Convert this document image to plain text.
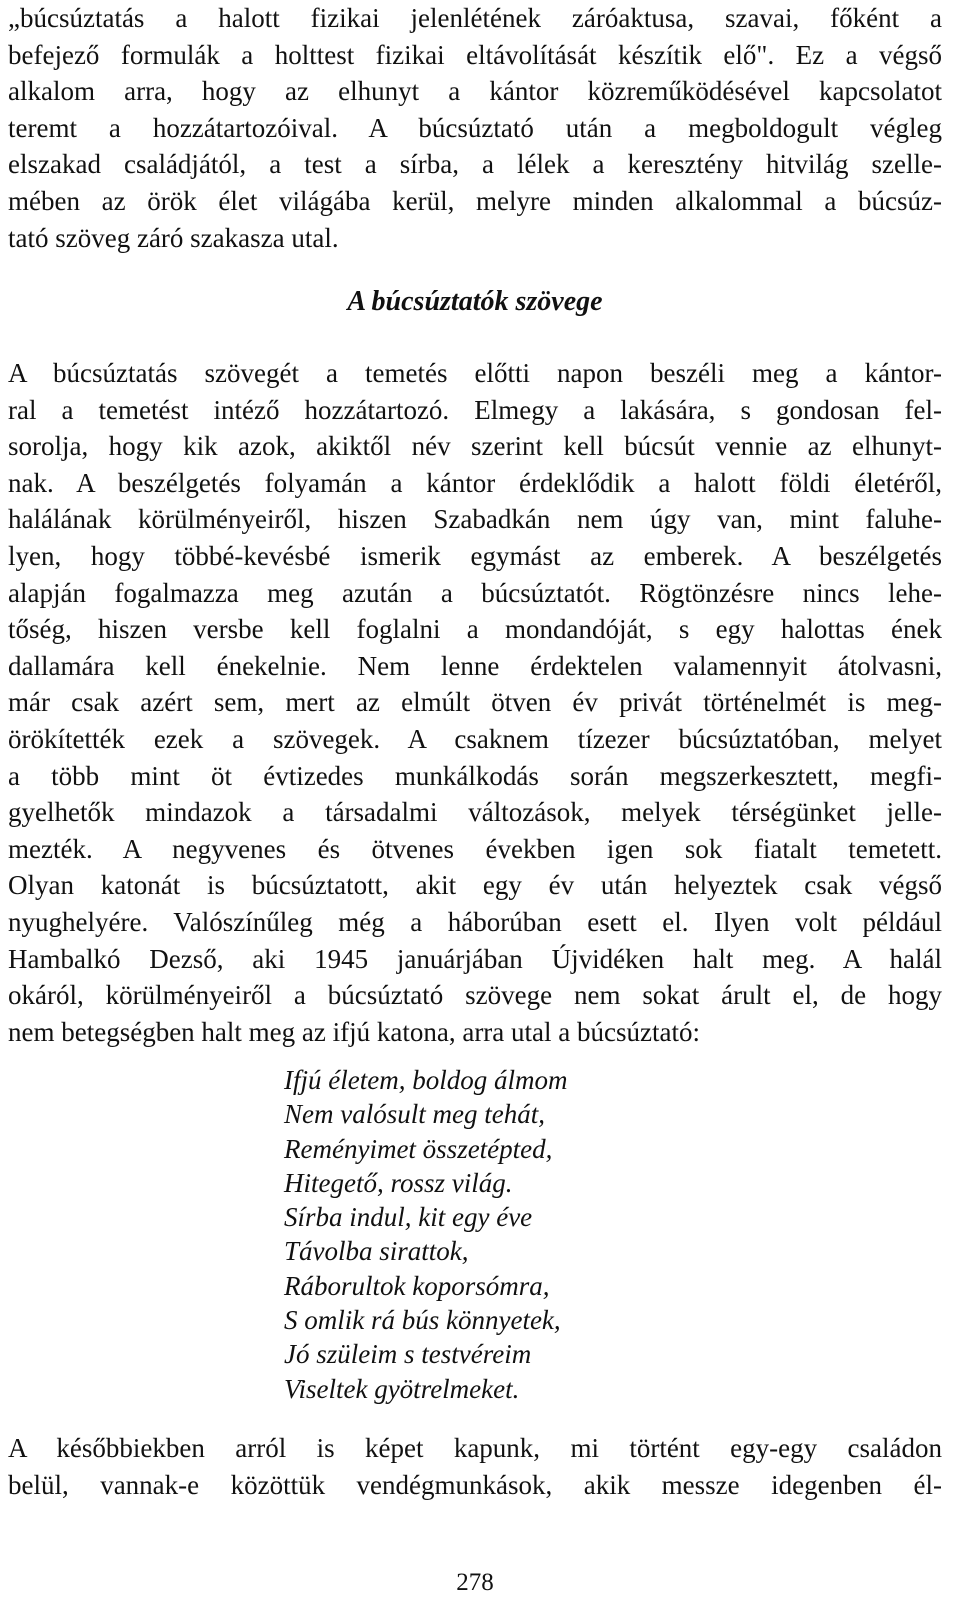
„búcsúztatás a halott fizikai jelenlétének záróaktusa, szavai, főként a
befejező formulák a holttest fizikai eltávolítását készítik elő". Ez a végső
alkalom arra, hogy az elhunyt a kántor közreműködésével kapcsolatot
teremt a hozzátartozóival. A búcsúztató után a megboldogult végleg
elszakad családjától, a test a sírba, a lélek a keresztény hitvilág szelle-
mében az örök élet világába kerül, melyre minden alkalommal a búcsúz-
tató szöveg záró szakasza utal.

A búcsúztatók szövege

A búcsúztatás szövegét a temetés előtti napon beszéli meg a kántor-
ral a temetést intéző hozzátartozó. Elmegy a lakására, s gondosan fel-
sorolja, hogy kik azok, akiktől név szerint kell búcsút vennie az elhunyt-
nak. A beszélgetés folyamán a kántor érdeklődik a halott földi életéről,
halálának körülményeiről, hiszen Szabadkán nem úgy van, mint faluhe-
lyen, hogy többé-kevésbé ismerik egymást az emberek. A beszélgetés
alapján fogalmazza meg azután a búcsúztatót. Rögtönzésre nincs lehe-
tőség, hiszen versbe kell foglalni a mondandóját, s egy halottas ének
dallamára kell énekelnie. Nem lenne érdektelen valamennyit átolvasni,
már csak azért sem, mert az elmúlt ötven év privát történelmét is meg-
örökítették ezek a szövegek. A csaknem tízezer búcsúztatóban, melyet
a több mint öt évtizedes munkálkodás során megszerkesztett, megfi-
gyelhetők mindazok a társadalmi változások, melyek térségünket jelle-
mezték. A negyvenes és ötvenes években igen sok fiatalt temetett.
Olyan katonát is búcsúztatott, akit egy év után helyeztek csak végső
nyughelyére. Valószínűleg még a háborúban esett el. Ilyen volt például
Hambalkó Dezső, aki 1945 januárjában Újvidéken halt meg. A halál
okáról, körülményeiről a búcsúztató szövege nem sokat árult el, de hogy
nem betegségben halt meg az ifjú katona, arra utal a búcsúztató:

Ifjú életem, boldog álmom
Nem valósult meg tehát,
Reményimet összetépted,
Hitegető, rossz világ.
Sírba indul, kit egy éve
Távolba sirattok,
Ráborultok koporsómra,
S omlik rá bús könnyetek,
Jó szüleim s testvéreim
Viseltek gyötrelmeket.

A későbbiekben arról is képet kapunk, mi történt egy-egy családon
belül, vannak-e közöttük vendégmunkások, akik messze idegenben él-

278
